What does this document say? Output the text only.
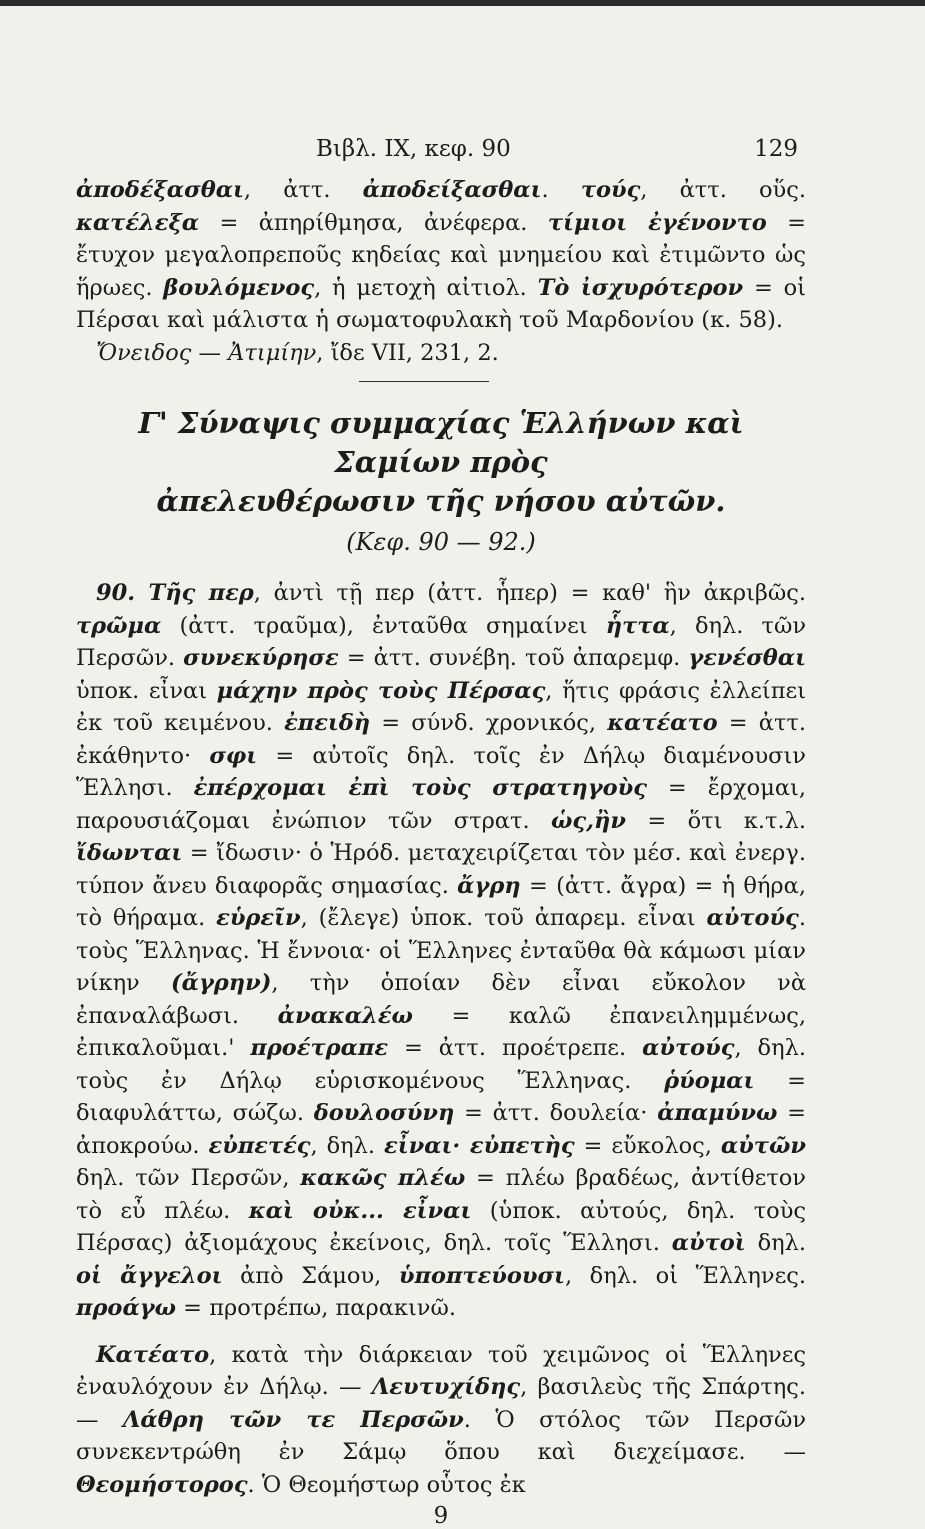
Βιβλ. IX, κεφ. 90	129

ἀποδέξασθαι, ἀττ. ἀποδείξασθαι. τούς, ἀττ. οὕς. κατέλεξα = ἀπηρίθμησα, ἀνέφερα. τίμιοι ἐγένοντο = ἔτυχον μεγαλοπρεποῦς κηδείας καὶ μνημείου καὶ ἐτιμῶντο ὡς ἥρωες. βουλόμενος, ἡ μετοχὴ αἰτιολ. Τὸ ἰσχυρότερον = οἱ Πέρσαι καὶ μάλιστα ἡ σωματοφυλακὴ τοῦ Μαρδονίου (κ. 58).

Ὄνειδος — Ἀτιμίην, ἴδε VII, 231, 2.

Γ' Σύναψις συμμαχίας Ἑλλήνων καὶ Σαμίων πρὸς
ἀπελευθέρωσιν τῆς νήσου αὐτῶν.
(Κεφ. 90 — 92.)

90. Τῆς περ, ἀντὶ τῇ περ (ἀττ. ἧπερ) = καθ' ἣν ἀκριβῶς. τρῶμα (ἀττ. τραῦμα), ἐνταῦθα σημαίνει ἧττα, δηλ. τῶν Περσῶν. συνεκύρησε = ἀττ. συνέβη. τοῦ ἀπαρεμφ. γενέσθαι ὑποκ. εἶναι μάχην πρὸς τοὺς Πέρσας, ἥτις φράσις ἐλλείπει ἐκ τοῦ κειμένου. ἐπειδὴ = σύνδ. χρονικός, κατέατο = ἀττ. ἐκάθηντο· σφι = αὐτοῖς δηλ. τοῖς ἐν Δήλῳ διαμένουσιν Ἕλλησι. ἐπέρχομαι ἐπὶ τοὺς στρατηγοὺς = ἔρχομαι, παρουσιάζομαι ἐνώπιον τῶν στρατ. ὡς,ἢν = ὅτι κ.τ.λ. ἴδωνται = ἴδωσιν· ὁ Ἡρόδ. μεταχειρίζεται τὸν μέσ. καὶ ἐνεργ. τύπον ἄνευ διαφορᾶς σημασίας. ἄγρη = (ἀττ. ἄγρα) = ἡ θήρα, τὸ θήραμα. εὑρεῖν, (ἔλεγε) ὑποκ. τοῦ ἀπαρεμ. εἶναι αὐτούς. τοὺς Ἕλληνας. Ἡ ἔννοια· οἱ Ἕλληνες ἐνταῦθα θὰ κάμωσι μίαν νίκην (ἄγρην), τὴν ὁποίαν δὲν εἶναι εὔκολον νὰ ἐπαναλάβωσι. ἀνακαλέω = καλῶ ἐπανειλημμένως, ἐπικαλοῦμαι.' προέτραπε = ἀττ. προέτρεπε. αὐτούς, δηλ. τοὺς ἐν Δήλῳ εὑρισκομένους Ἕλληνας. ῥύομαι = διαφυλάττω, σώζω. δουλοσύνη = ἀττ. δουλεία· ἀπαμύνω = ἀποκρούω. εὐπετές, δηλ. εἶναι· εὐπετὴς = εὔκολος, αὐτῶν δηλ. τῶν Περσῶν, κακῶς πλέω = πλέω βραδέως, ἀντίθετον τὸ εὖ πλέω. καὶ οὐκ... εἶναι (ὑποκ. αὐτούς, δηλ. τοὺς Πέρσας) ἀξιομάχους ἐκείνοις, δηλ. τοῖς Ἕλλησι. αὐτοὶ δηλ. οἱ ἄγγελοι ἀπὸ Σάμου, ὑποπτεύουσι, δηλ. οἱ Ἕλληνες. προάγω = προτρέπω, παρακινῶ.

Κατέατο, κατὰ τὴν διάρκειαν τοῦ χειμῶνος οἱ Ἕλληνες ἐναυλόχουν ἐν Δήλῳ. — Λευτυχίδης, βασιλεὺς τῆς Σπάρτης. — Λάθρη τῶν τε Περσῶν. Ὁ στόλος τῶν Περσῶν συνεκεντρώθη ἐν Σάμῳ ὅπου καὶ διεχείμασε. — Θεομήστορος. Ὁ Θεομήστωρ οὗτος ἐκ

9
